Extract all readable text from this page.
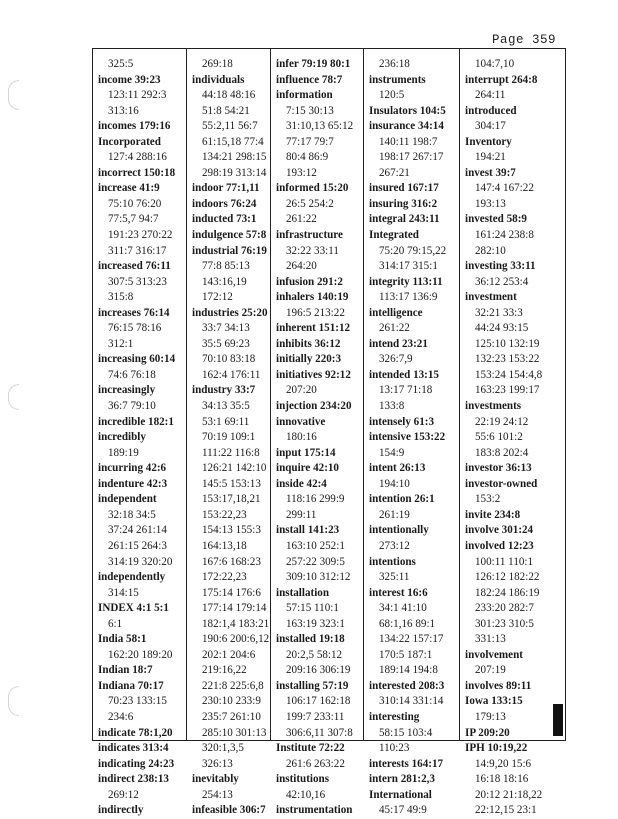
Page 359
325:5
income 39:23
123:11 292:3
313:16
incomes 179:16
Incorporated
127:4 288:16
incorrect 150:18
increase 41:9
75:10 76:20
77:5,7 94:7
191:23 270:22
311:7 316:17
increased 76:11
307:5 313:23
315:8
increases 76:14
76:15 78:16
312:1
increasing 60:14
74:6 76:18
increasingly
36:7 79:10
incredible 182:1
incredibly
189:19
incurring 42:6
indenture 42:3
independent
32:18 34:5
37:24 261:14
261:15 264:3
314:19 320:20
independently
314:15
INDEX 4:1 5:1
6:1
India 58:1
162:20 189:20
Indian 18:7
Indiana 70:17
70:23 133:15
234:6
indicate 78:1,20
indicates 313:4
indicating 24:23
indirect 238:13
269:12
indirectly
269:18
individuals
44:18 48:16
51:8 54:21
55:2,11 56:7
61:15,18 77:4
134:21 298:15
298:19 313:14
indoor 77:1,11
indoors 76:24
inducted 73:1
indulgence 57:8
industrial 76:19
77:8 85:13
143:16,19
172:12
industries 25:20
33:7 34:13
35:5 69:23
70:10 83:18
162:4 176:11
industry 33:7
34:13 35:5
53:1 69:11
70:19 109:1
111:22 116:8
126:21 142:10
145:5 153:13
153:17,18,21
153:22,23
154:13 155:3
164:13,18
167:6 168:23
172:22,23
175:14 176:6
177:14 179:14
182:1,4 183:21
190:6 200:6,12
202:1 204:6
219:16,22
221:8 225:6,8
230:10 233:9
235:7 261:10
285:10 301:13
320:1,3,5
326:13
inevitably
254:13
infeasible 306:7
infer 79:19 80:1
influence 78:7
information
7:15 30:13
31:10,13 65:12
77:17 79:7
80:4 86:9
193:12
informed 15:20
26:5 254:2
261:22
infrastructure
32:22 33:11
264:20
infusion 291:2
inhalers 140:19
196:5 213:22
inherent 151:12
inhibits 36:12
initially 220:3
initiatives 92:12
207:20
injection 234:20
innovative
180:16
input 175:14
inquire 42:10
inside 42:4
118:16 299:9
299:11
install 141:23
163:10 252:1
257:22 309:5
309:10 312:12
installation
57:15 110:1
163:19 323:1
installed 19:18
20:2,5 58:12
209:16 306:19
installing 57:19
106:17 162:18
199:7 233:11
306:6,11 307:8
Institute 72:22
261:6 263:22
institutions
42:10,16
instrumentation
236:18
instruments
120:5
Insulators 104:5
insurance 34:14
140:11 198:7
198:17 267:17
267:21
insured 167:17
insuring 316:2
integral 243:11
Integrated
75:20 79:15,22
314:17 315:1
integrity 113:11
113:17 136:9
intelligence
261:22
intend 23:21
326:7,9
intended 13:15
13:17 71:18
133:8
intensely 61:3
intensive 153:22
154:9
intent 26:13
194:10
intention 26:1
261:19
intentionally
273:12
intentions
325:11
interest 16:6
34:1 41:10
68:1,16 89:1
134:22 157:17
170:5 187:1
189:14 194:8
interested 208:3
310:14 331:14
interesting
58:15 103:4
110:23
interests 164:17
intern 281:2,3
International
45:17 49:9
104:7,10
interrupt 264:8
264:11
introduced
304:17
Inventory
194:21
invest 39:7
147:4 167:22
193:13
invested 58:9
161:24 238:8
282:10
investing 33:11
36:12 253:4
investment
32:21 33:3
44:24 93:15
125:10 132:19
132:23 153:22
153:24 154:4,8
163:23 199:17
investments
22:19 24:12
55:6 101:2
183:8 202:4
investor 36:13
investor-owned
153:2
invite 234:8
involve 301:24
involved 12:23
100:11 110:1
126:12 182:22
182:24 186:19
233:20 282:7
301:23 310:5
331:13
involvement
207:19
involves 89:11
Iowa 133:15
179:13
IP 209:20
IPH 10:19,22
14:9,20 15:6
16:18 18:16
20:12 21:18,22
22:12,15 23:1
